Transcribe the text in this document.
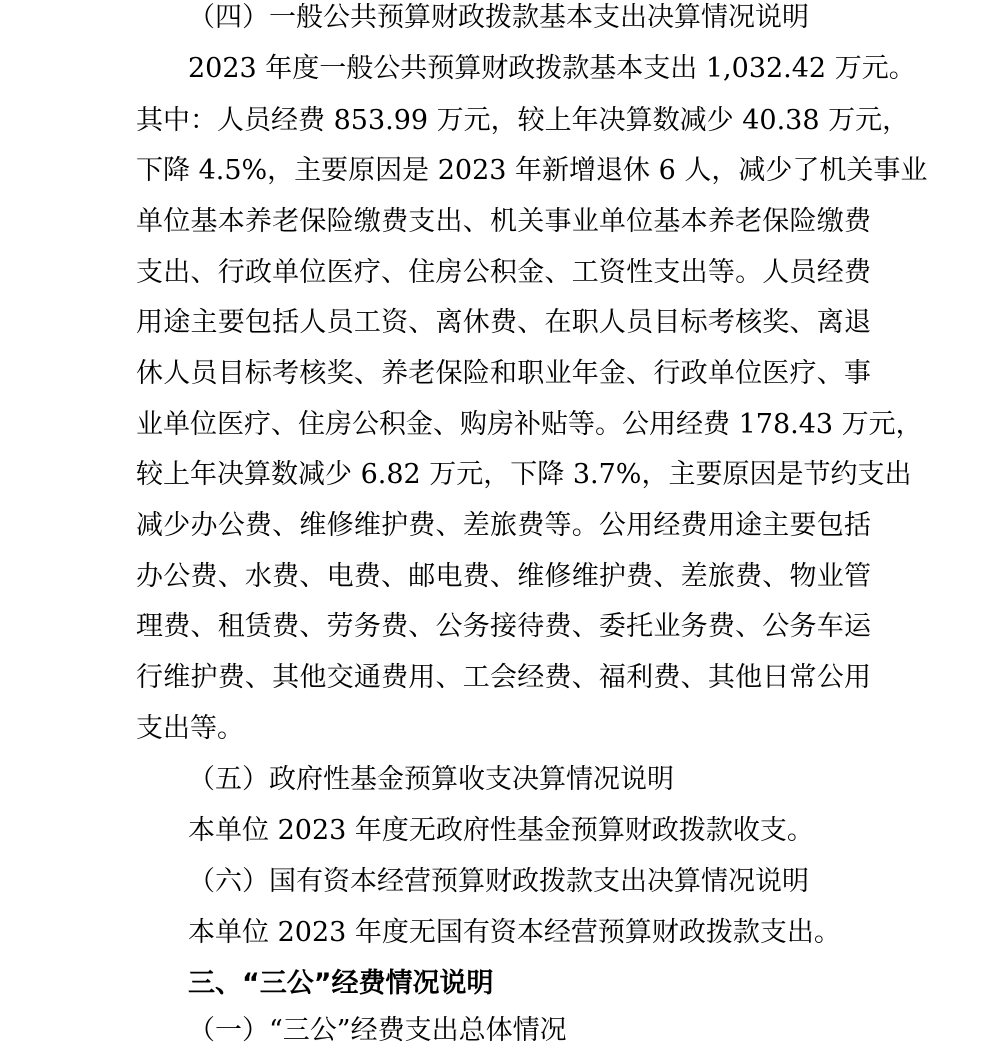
（四）一般公共预算财政拨款基本支出决算情况说明
2023 年度一般公共预算财政拨款基本支出 1,032.42 万元。
其中：人员经费 853.99 万元，较上年决算数减少 40.38 万元，
下降 4.5%，主要原因是 2023 年新增退休 6 人，减少了机关事业
单位基本养老保险缴费支出、机关事业单位基本养老保险缴费
支出、行政单位医疗、住房公积金、工资性支出等。人员经费
用途主要包括人员工资、离休费、在职人员目标考核奖、离退
休人员目标考核奖、养老保险和职业年金、行政单位医疗、事
业单位医疗、住房公积金、购房补贴等。公用经费 178.43 万元，
较上年决算数减少 6.82 万元，下降 3.7%，主要原因是节约支出
减少办公费、维修维护费、差旅费等。公用经费用途主要包括
办公费、水费、电费、邮电费、维修维护费、差旅费、物业管
理费、租赁费、劳务费、公务接待费、委托业务费、公务车运
行维护费、其他交通费用、工会经费、福利费、其他日常公用
支出等。
（五）政府性基金预算收支决算情况说明
本单位 2023 年度无政府性基金预算财政拨款收支。
（六）国有资本经营预算财政拨款支出决算情况说明
本单位 2023 年度无国有资本经营预算财政拨款支出。
三、“三公”经费情况说明
（一）“三公”经费支出总体情况
